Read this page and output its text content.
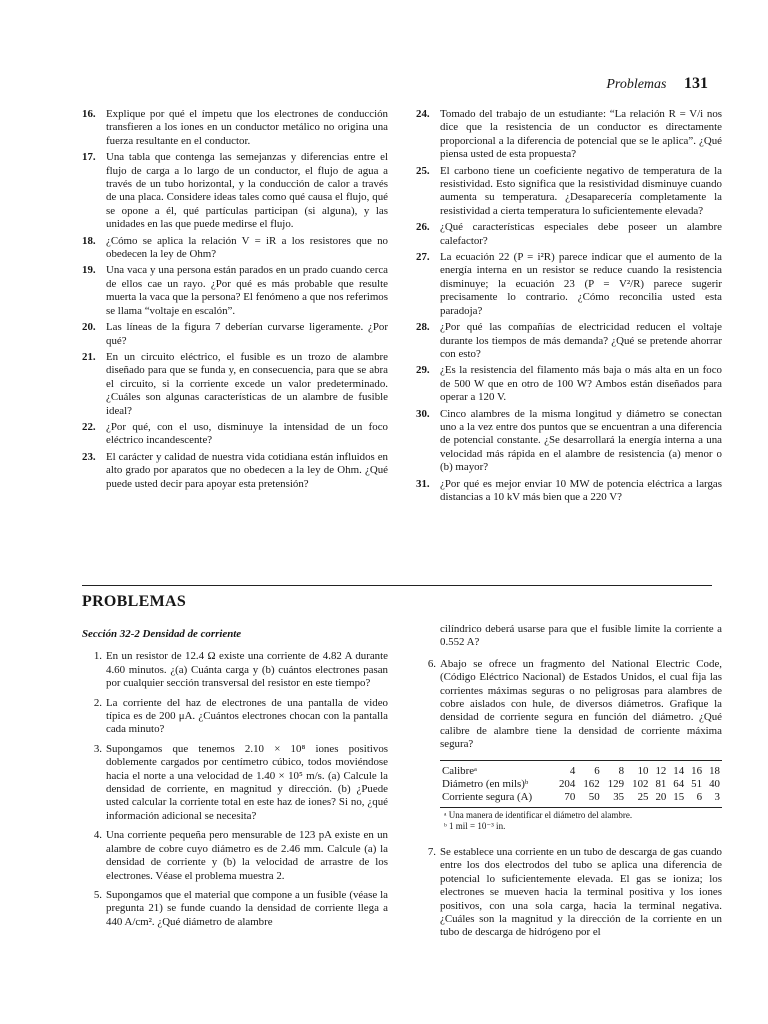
Problemas 131
16. Explique por qué el ímpetu que los electrones de conducción transfieren a los iones en un conductor metálico no origina una fuerza resultante en el conductor.
17. Una tabla que contenga las semejanzas y diferencias entre el flujo de carga a lo largo de un conductor, el flujo de agua a través de un tubo horizontal, y la conducción de calor a través de una placa. Considere ideas tales como qué causa el flujo, qué se opone a él, qué partículas participan (si alguna), y las unidades en las que puede medirse el flujo.
18. ¿Cómo se aplica la relación V = iR a los resistores que no obedecen la ley de Ohm?
19. Una vaca y una persona están parados en un prado cuando cerca de ellos cae un rayo. ¿Por qué es más probable que resulte muerta la vaca que la persona? El fenómeno a que nos referimos se llama “voltaje en escalón”.
20. Las líneas de la figura 7 deberían curvarse ligeramente. ¿Por qué?
21. En un circuito eléctrico, el fusible es un trozo de alambre diseñado para que se funda y, en consecuencia, para que se abra el circuito, si la corriente excede un valor predeterminado. ¿Cuáles son algunas características de un alambre de fusible ideal?
22. ¿Por qué, con el uso, disminuye la intensidad de un foco eléctrico incandescente?
23. El carácter y calidad de nuestra vida cotidiana están influidos en alto grado por aparatos que no obedecen a la ley de Ohm. ¿Qué puede usted decir para apoyar esta pretensión?
24. Tomado del trabajo de un estudiante: “La relación R = V/i nos dice que la resistencia de un conductor es directamente proporcional a la diferencia de potencial que se le aplica”. ¿Qué piensa usted de esta propuesta?
25. El carbono tiene un coeficiente negativo de temperatura de la resistividad. Esto significa que la resistividad disminuye cuando aumenta su temperatura. ¿Desaparecería completamente la resistividad a cierta temperatura lo suficientemente elevada?
26. ¿Qué características especiales debe poseer un alambre calefactor?
27. La ecuación 22 (P = i²R) parece indicar que el aumento de la energía interna en un resistor se reduce cuando la resistencia disminuye; la ecuación 23 (P = V²/R) parece sugerir precisamente lo contrario. ¿Cómo reconcilia usted esta paradoja?
28. ¿Por qué las compañías de electricidad reducen el voltaje durante los tiempos de más demanda? ¿Qué se pretende ahorrar con esto?
29. ¿Es la resistencia del filamento más baja o más alta en un foco de 500 W que en otro de 100 W? Ambos están diseñados para operar a 120 V.
30. Cinco alambres de la misma longitud y diámetro se conectan uno a la vez entre dos puntos que se encuentran a una diferencia de potencial constante. ¿Se desarrollará la energía interna a una velocidad más rápida en el alambre de resistencia (a) menor o (b) mayor?
31. ¿Por qué es mejor enviar 10 MW de potencia eléctrica a largas distancias a 10 kV más bien que a 220 V?
PROBLEMAS
Sección 32-2 Densidad de corriente
1. En un resistor de 12.4 Ω existe una corriente de 4.82 A durante 4.60 minutos. ¿(a) Cuánta carga y (b) cuántos electrones pasan por cualquier sección transversal del resistor en este tiempo?
2. La corriente del haz de electrones de una pantalla de video típica es de 200 μA. ¿Cuántos electrones chocan con la pantalla cada minuto?
3. Supongamos que tenemos 2.10 × 10⁸ iones positivos doblemente cargados por centímetro cúbico, todos moviéndose hacia el norte a una velocidad de 1.40 × 10⁵ m/s. (a) Calcule la densidad de corriente, en magnitud y dirección. (b) ¿Puede usted calcular la corriente total en este haz de iones? Si no, ¿qué información adicional se necesita?
4. Una corriente pequeña pero mensurable de 123 pA existe en un alambre de cobre cuyo diámetro es de 2.46 mm. Calcule (a) la densidad de corriente y (b) la velocidad de arrastre de los electrones. Véase el problema muestra 2.
5. Supongamos que el material que compone a un fusible (véase la pregunta 21) se funde cuando la densidad de corriente llega a 440 A/cm². ¿Qué diámetro de alambre
cilíndrico deberá usarse para que el fusible limite la corriente a 0.552 A?
6. Abajo se ofrece un fragmento del National Electric Code, (Código Eléctrico Nacional) de Estados Unidos, el cual fija las corrientes máximas seguras o no peligrosas para alambres de cobre aislados con hule, de diversos diámetros. Grafique la densidad de corriente segura en función del diámetro. ¿Qué calibre de alambre tiene la densidad de corriente máxima segura?
Calibreᵃ	4	6	8	10	12	14	16	18
Diámetro (en mils)ᵇ	204	162	129	102	81	64	51	40
Corriente segura (A)	70	50	35	25	20	15	6	3
ᵃ Una manera de identificar el diámetro del alambre.
ᵇ 1 mil = 10⁻³ in.
7. Se establece una corriente en un tubo de descarga de gas cuando entre los dos electrodos del tubo se aplica una diferencia de potencial lo suficientemente elevada. El gas se ioniza; los electrones se mueven hacia la terminal positiva y los iones positivos, con una sola carga, hacia la terminal negativa. ¿Cuáles son la magnitud y la dirección de la corriente en un tubo de descarga de hidrógeno por el
